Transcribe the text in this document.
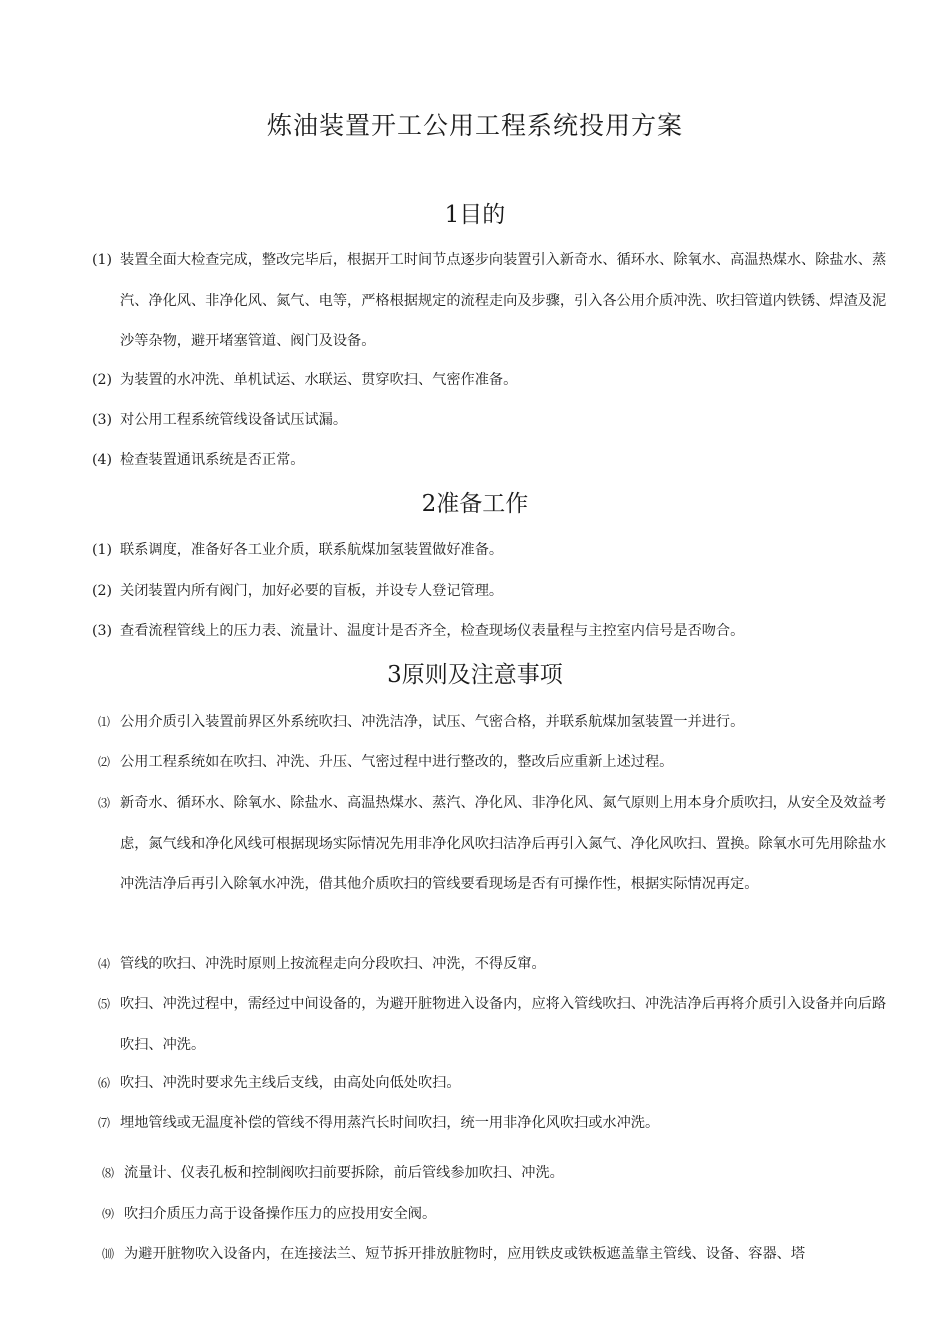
炼油装置开工公用工程系统投用方案
1目的
(1) 装置全面大检查完成，整改完毕后，根据开工时间节点逐步向装置引入新奇水、循环水、除氧水、高温热煤水、除盐水、蒸汽、净化风、非净化风、氮气、电等，严格根据规定的流程走向及步骤，引入各公用介质冲洗、吹扫管道内铁锈、焊渣及泥沙等杂物，避开堵塞管道、阀门及设备。
(2) 为装置的水冲洗、单机试运、水联运、贯穿吹扫、气密作准备。
(3) 对公用工程系统管线设备试压试漏。
(4) 检查装置通讯系统是否正常。
2准备工作
(1) 联系调度，准备好各工业介质，联系航煤加氢装置做好准备。
(2) 关闭装置内所有阀门，加好必要的盲板，并设专人登记管理。
(3) 查看流程管线上的压力表、流量计、温度计是否齐全，检查现场仪表量程与主控室内信号是否吻合。
3原则及注意事项
⑴ 公用介质引入装置前界区外系统吹扫、冲洗洁净，试压、气密合格，并联系航煤加氢装置一并进行。
⑵ 公用工程系统如在吹扫、冲洗、升压、气密过程中进行整改的，整改后应重新上述过程。
⑶ 新奇水、循环水、除氧水、除盐水、高温热煤水、蒸汽、净化风、非净化风、氮气原则上用本身介质吹扫，从安全及效益考虑，氮气线和净化风线可根据现场实际情况先用非净化风吹扫洁净后再引入氮气、净化风吹扫、置换。除氧水可先用除盐水冲洗洁净后再引入除氧水冲洗，借其他介质吹扫的管线要看现场是否有可操作性，根据实际情况再定。
⑷ 管线的吹扫、冲洗时原则上按流程走向分段吹扫、冲洗，不得反窜。
⑸ 吹扫、冲洗过程中，需经过中间设备的，为避开脏物进入设备内，应将入管线吹扫、冲洗洁净后再将介质引入设备并向后路吹扫、冲洗。
⑹ 吹扫、冲洗时要求先主线后支线，由高处向低处吹扫。
⑺ 埋地管线或无温度补偿的管线不得用蒸汽长时间吹扫，统一用非净化风吹扫或水冲洗。
⑻ 流量计、仪表孔板和控制阀吹扫前要拆除，前后管线参加吹扫、冲洗。
⑼ 吹扫介质压力高于设备操作压力的应投用安全阀。
⑽ 为避开脏物吹入设备内，在连接法兰、短节拆开排放脏物时，应用铁皮或铁板遮盖靠主管线、设备、容器、塔
